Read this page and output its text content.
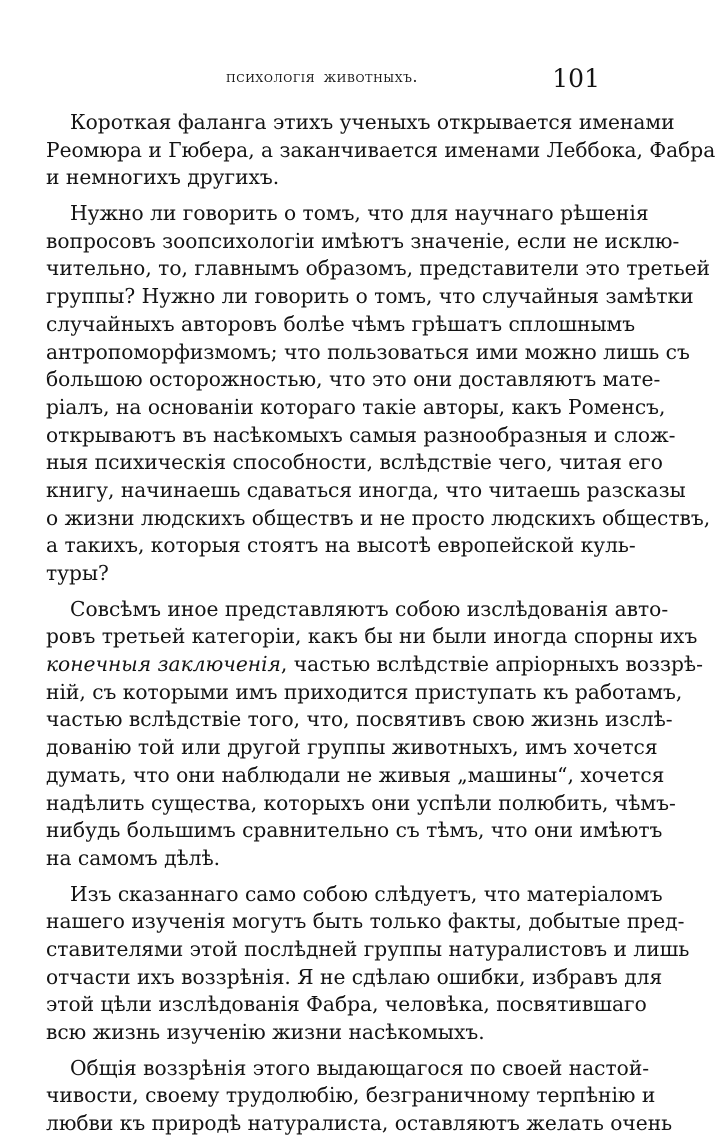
психологія животныхъ.	101
Короткая фаланга этихъ ученыхъ открывается именами
Реомюра и Гюбера, а заканчивается именами Леббока, Фабра
и немногихъ другихъ.
Нужно ли говорить о томъ, что для научнаго рѣшенія
вопросовъ зоопсихологіи имѣютъ значеніе, если не исклю-
чительно, то, главнымъ образомъ, представители это третьей
группы? Нужно ли говорить о томъ, что случайныя замѣтки
случайныхъ авторовъ болѣе чѣмъ грѣшатъ сплошнымъ
антропоморфизмомъ; что пользоваться ими можно лишь съ
большою осторожностью, что это они доставляютъ мате-
ріалъ, на основаніи котораго такіе авторы, какъ Роменсъ,
открываютъ въ насѣкомыхъ самыя разнообразныя и слож-
ныя психическія способности, вслѣдствіе чего, читая его
книгу, начинаешь сдаваться иногда, что читаешь разсказы
о жизни людскихъ обществъ и не просто людскихъ обществъ,
а такихъ, которыя стоятъ на высотѣ европейской куль-
туры?
Совсѣмъ иное представляютъ собою изслѣдованія авто-
ровъ третьей категоріи, какъ бы ни были иногда спорны ихъ
конечныя заключенія, частью вслѣдствіе апріорныхъ воззрѣ-
ній, съ которыми имъ приходится приступать къ работамъ,
частью вслѣдствіе того, что, посвятивъ свою жизнь изслѣ-
дованію той или другой группы животныхъ, имъ хочется
думать, что они наблюдали не живыя „машины“, хочется
надѣлить существа, которыхъ они успѣли полюбить, чѣмъ-
нибудь большимъ сравнительно съ тѣмъ, что они имѣютъ
на самомъ дѣлѣ.
Изъ сказаннаго само собою слѣдуетъ, что матеріаломъ
нашего изученія могутъ быть только факты, добытые пред-
ставителями этой послѣдней группы натуралистовъ и лишь
отчасти ихъ воззрѣнія. Я не сдѣлаю ошибки, избравъ для
этой цѣли изслѣдованія Фабра, человѣка, посвятившаго
всю жизнь изученію жизни насѣкомыхъ.
Общія воззрѣнія этого выдающагося по своей настой-
чивости, своему трудолюбію, безграничному терпѣнію и
любви къ природѣ натуралиста, оставляютъ желать очень
